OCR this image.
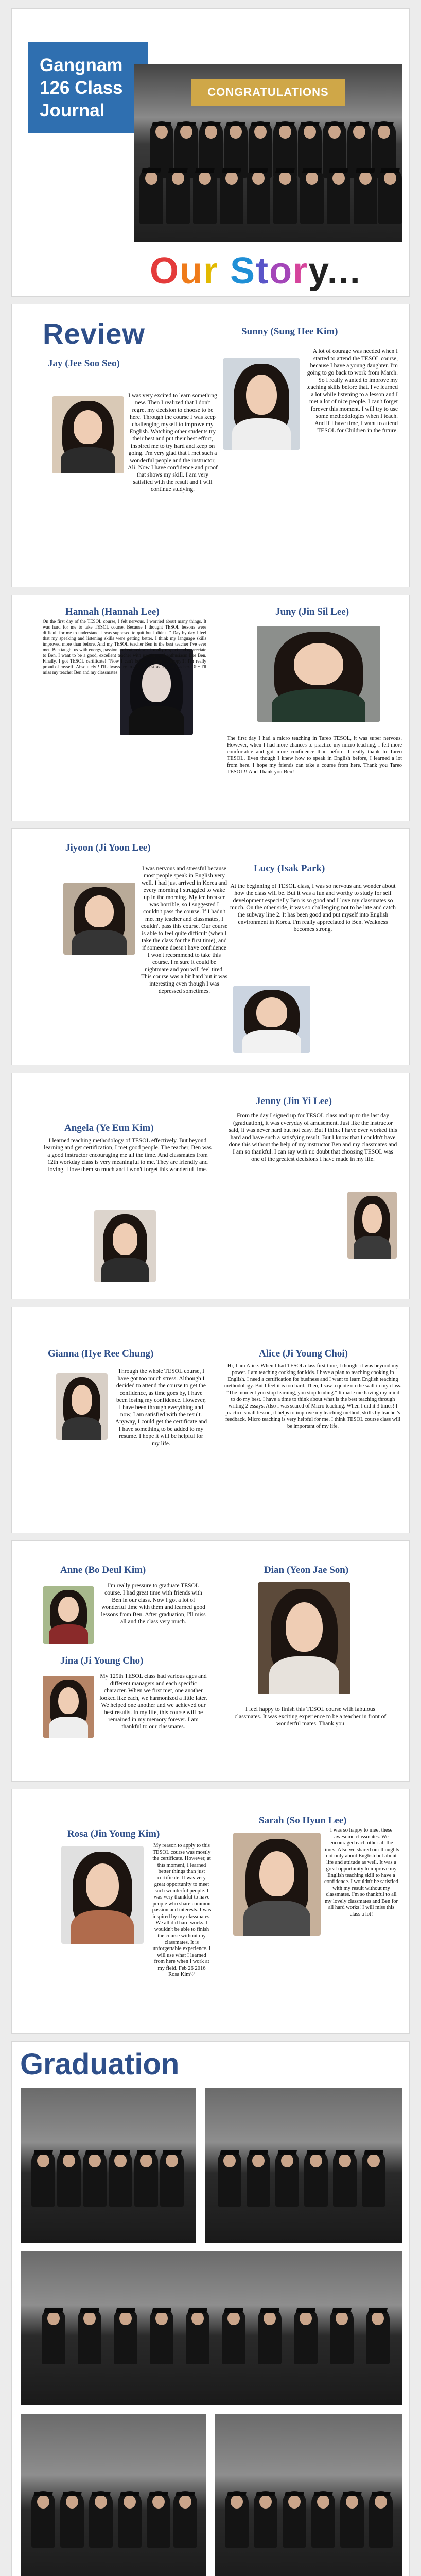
Gangnam
126 Class
Journal
CONGRATULATIONS
Our Story...
Review
Jay (Jee Soo Seo)
I was very excited to learn something new. Then I realized that I don't regret my decision to choose to be here. Through the course I was keep challenging myself to improve my English. Watching other students try their best and put their best effort, inspired me to try hard and keep on going. I'm very glad that I met such a wonderful people and the instructor, Ali. Now I have confidence and proof that shows my skill. I am very satisfied with the result and I will continue studying.
Sunny (Sung Hee Kim)
A lot of courage was needed when I started to attend the TESOL course, because I have a young daughter. I'm going to go back to work from March. So I really wanted to improve my teaching skills before that. I've learned a lot while listening to a lesson and I met a lot of nice people. I can't forget forever this moment. I will try to use some methodologies when I teach. And if I have time, I want to attend TESOL for Children in the future.
Hannah (Hannah Lee)
On the first day of the TESOL course, I felt nervous. I worried about many things. It was hard for me to take TESOL course. Because I thought TESOL lessons were difficult for me to understand. I was supposed to quit but I didn't. " Day by day I feel that my speaking and listening skills were getting better. I think my language skills improved more than before. And my TESOL teacher Ben is the best teacher I've ever met. Ben taught us with energy, passion and enthusiasm. I really respect and appreciate to Ben. I want to be a good, excellent teacher with passion and enthusiasm like Ben. Finally, I got TESOL certificate! "Now I can't believe it. I'm so happy!!! I'm really proud of myself! Absolutely!! I'll always try to do my best as a good teacher. Oh~ I'll miss my teacher Ben and my classmates!
Juny (Jin Sil Lee)
The first day I had a micro teaching in Tareo TESOL, it was super nervous. However, when I had more chances to practice my micro teaching, I felt more comfortable and got more confidence than before. I really thank to Tareo TESOL. Even though I knew how to speak in English before, I learned a lot from here. I hope my friends can take a course from here. Thank you Tareo TESOL!! And Thank you Ben!
Jiyoon (Ji Yoon Lee)
I was nervous and stressful because most people speak in English very well. I had just arrived in Korea and every morning I struggled to wake up in the morning. My ice breaker was horrible, so I suggested I couldn't pass the course. If I hadn't met my teacher and classmates, I couldn't pass this course. Our course is able to feel quite difficult (when I take the class for the first time), and if someone doesn't have confidence I won't recommend to take this course. I'm sure it could be nightmare and you will feel tired. This course was a bit hard but it was interesting even though I was depressed sometimes.
Lucy (Isak Park)
At the beginning of TESOL class, I was so nervous and wonder about how the class will be. But it was a fun and worthy to study for self development especially Ben is so good and I love my classmates so much. On the other side, it was so challenging not to be late and catch the subway line 2. It has been good and put myself into English environment in Korea. I'm really appreciated to Ben. Weakness becomes strong.
Angela (Ye Eun Kim)
I learned teaching methodology of TESOL effectively. But beyond learning and get certification, I met good people. The teacher, Ben was a good instructor encouraging me all the time. And classmates from 12th workday class is very meaningful to me. They are friendly and loving. I love them so much and I won't forget this wonderful time.
Jenny (Jin Yi Lee)
From the day I signed up for TESOL class and up to the last day (graduation), it was everyday of amusement. Just like the instructor said, it was never hard but not easy. But I think I have ever worked this hard and have such a satisfying result. But I know that I couldn't have done this without the help of my instructor Ben and my classmates and I am so thankful. I can say with no doubt that choosing TESOL was one of the greatest decisions I have made in my life.
Gianna (Hye Ree Chung)
Through the whole TESOL course, I have got too much stress. Although I decided to attend the course to get the confidence, as time goes by, I have been losing my confidence. However, I have been through everything and now, I am satisfied with the result. Anyway, I could get the certificate and I have something to be added to my resume. I hope it will be helpful for my life.
Alice (Ji Young Choi)
Hi, I am Alice. When I had TESOL class first time, I thought it was beyond my power. I am teaching cooking for kids. I have a plan to teaching cooking in English. I need a certification for business and I want to learn English teaching methodology. But I feel it is too hard. Then, I saw a quote on the wall in my class. "The moment you stop learning, you stop leading." It made me having my mind to do my best. I have a time to think about what is the best teaching through writing 2 essays. Also I was scared of Micro teaching. When I did it 3 times! I practice small lesson, it helps to improve my teaching method, skills by teacher's feedback. Micro teaching is very helpful for me. I think TESOL course class will be important of my life.
Anne (Bo Deul Kim)
I'm really pressure to graduate TESOL course. I had great time with friends with Ben in our class. Now I got a lot of wonderful time with them and learned good lessons from Ben. After graduation, I'll miss all and the class very much.
Jina (Ji Young Cho)
My 129th TESOL class had various ages and different managers and each specific character. When we first met, one another looked like each, we harmonized a little later. We helped one another and we achieved our best results. In my life, this course will be remained in my memory forever. I am thankful to our classmates.
Dian (Yeon Jae Son)
I feel happy to finish this TESOL course with fabulous classmates. It was exciting experience to be a teacher in front of wonderful mates. Thank you
Rosa (Jin Young Kim)
My reason to apply to this TESOL course was mostly the certificate. However, at this moment, I learned better things than just certificate. It was very great opportunity to meet such wonderful people. I was very thankful to have people who share common passion and interests. I was inspired by my classmates. We all did hard works. I wouldn't be able to finish the course without my classmates. It is unforgettable experience. I will use what I learned from here when I work at my field. Feb 26 2016 Rosa Kim♡
Sarah (So Hyun Lee)
I was so happy to meet these awesome classmates. We encouraged each other all the times. Also we shared our thoughts not only about English but about life and attitude as well. It was a great opportunity to improve my English teaching skill to have a confidence. I wouldn't be satisfied with my result without my classmates. I'm so thankful to all my lovely classmates and Ben for all hard works! I will miss this class a lot!
Graduation
